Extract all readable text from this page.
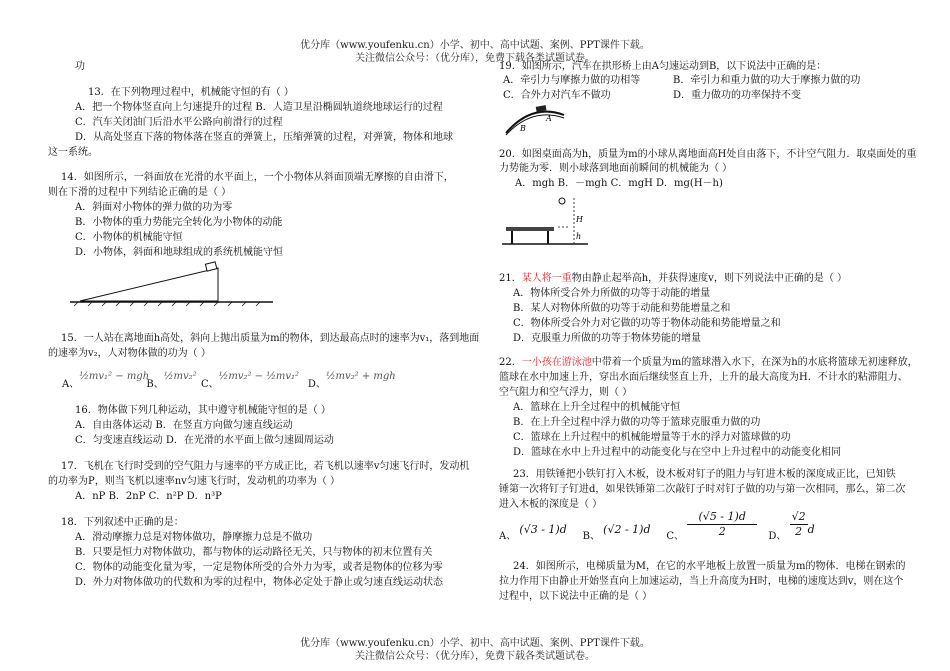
优分库（www.youfenku.cn）小学、初中、高中试题、案例、PPT课件下载。
关注微信公众号：（优分库），免费下载各类试题试卷。
优分库（www.youfenku.cn）小学、初中、高中试题、案例、PPT课件下载。
关注微信公众号：（优分库），免费下载各类试题试卷。
功
13．在下列物理过程中，机械能守恒的有（ ）
A．把一个物体竖直向上匀速提升的过程 B．人造卫星沿椭圆轨道绕地球运行的过程
C．汽车关闭油门后沿水平公路向前滑行的过程
D．从高处竖直下落的物体落在竖直的弹簧上，压缩弹簧的过程，对弹簧，物体和地球
这一系统。
14．如图所示，一斜面放在光滑的水平面上，一个小物体从斜面顶端无摩擦的自由滑下，
则在下滑的过程中下列结论正确的是（ ）
A．斜面对小物体的弹力做的功为零
B．小物体的重力势能完全转化为小物体的动能
C．小物体的机械能守恒
D．小物体，斜面和地球组成的系统机械能守恒
15．一人站在离地面h高处，斜向上抛出质量为m的物体，到达最高点时的速率为v₁，落到地面
的速率为v₂，人对物体做的功为（ ）
A、½mv₁² − mgh B、½mv₂² C、½mv₂² − ½mv₁² D、½mv₂² + mgh
16．物体做下列几种运动，其中遵守机械能守恒的是（ ）
A．自由落体运动 B．在竖直方向做匀速直线运动
C．匀变速直线运动 D．在光滑的水平面上做匀速圆周运动
17．飞机在飞行时受到的空气阻力与速率的平方成正比，若飞机以速率v匀速飞行时，发动机
的功率为P，则当飞机以速率nv匀速飞行时，发动机的功率为（ ）
A．nP B．2nP C．n²P D．n³P
18．下列叙述中正确的是：
A．滑动摩擦力总是对物体做功，静摩擦力总是不做功
B．只要是恒力对物体做功，都与物体的运动路径无关，只与物体的初末位置有关
C．物体的动能变化量为零，一定是物体所受的合外力为零，或者是物体的位移为零
D．外力对物体做功的代数和为零的过程中，物体必定处于静止或匀速直线运动状态
19．如图所示，汽车在拱形桥上由A匀速运动到B，以下说法中正确的是：
A．牵引力与摩擦力做的功相等	B．牵引力和重力做的功大于摩擦力做的功
C．合外力对汽车不做功	D．重力做功的功率保持不变
A
B
20．如图桌面高为h，质量为m的小球从离地面高H处自由落下，不计空气阻力．取桌面处的重
力势能为零．则小球落到地面前瞬间的机械能为（ ）
A．mgh B．－mgh C．mgH D．mg(H－h)
H
h
21．某人将一重物由静止起举高h，并获得速度v，则下列说法中正确的是（ ）
A．物体所受合外力所做的功等于动能的增量
B．某人对物体所做的功等于动能和势能增量之和
C．物体所受合外力对它做的功等于物体动能和势能增量之和
D．克服重力所做的功等于物体势能的增量
22．一小孩在游泳池中带着一个质量为m的篮球潜入水下，在深为h的水底将篮球无初速释放，
篮球在水中加速上升，穿出水面后继续竖直上升，上升的最大高度为H．不计水的粘滞阻力、
空气阻力和空气浮力，则（ ）
A．篮球在上升全过程中的机械能守恒
B．在上升全过程中浮力做的功等于篮球克服重力做的功
C．篮球在上升过程中的机械能增量等于水的浮力对篮球做的功
D．篮球在水中上升过程中的动能变化与在空中上升过程中的动能变化相同
23．用铁锤把小铁钉打入木板，设木板对钉子的阻力与钉进木板的深度成正比，已知铁
锤第一次将钉子钉进d，如果铁锤第二次敲钉子时对钉子做的功与第一次相同，那么，第二次
进入木板的深度是（ ）
A、 (√3 - 1)d B、 (√2 - 1)d C、 $\frac{(√5 - 1)d}{2}$ D、 $\frac{√2}{2}$ d
24．如图所示，电梯质量为M，在它的水平地板上放置一质量为m的物体．电梯在钢索的
拉力作用下由静止开始竖直向上加速运动，当上升高度为H时，电梯的速度达到v，则在这个
过程中，以下说法中正确的是（ ）
